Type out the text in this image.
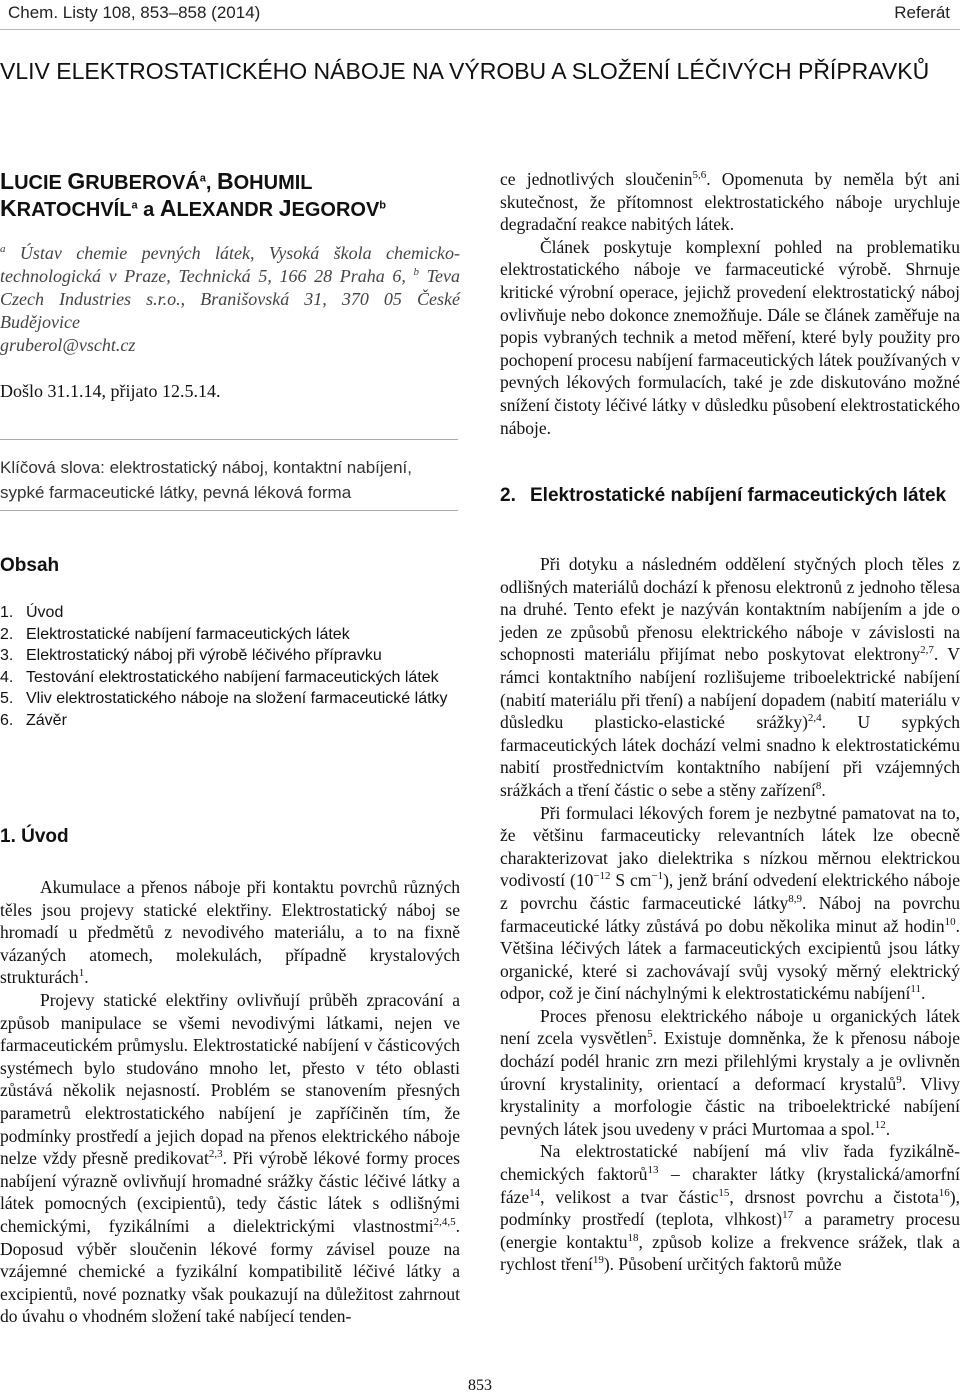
Chem. Listy 108, 853–858 (2014)	Referát
VLIV ELEKTROSTATICKÉHO NÁBOJE NA VÝROBU A SLOŽENÍ LÉČIVÝCH PŘÍPRAVKŮ
LUCIE GRUBEROVÁ$^a$, BOHUMIL
KRATOCHVÍL$^a$ a ALEXANDR JEGOROV$^b$
$^a$ Ústav chemie pevných látek, Vysoká škola chemicko-technologická v Praze, Technická 5, 166 28 Praha 6, $^b$ Teva Czech Industries s.r.o., Branišovská 31, 370 05 České Budějovice
gruberol@vscht.cz
Došlo 31.1.14, přijato 12.5.14.
Klíčová slova: elektrostatický náboj, kontaktní nabíjení, sypké farmaceutické látky, pevná léková forma
Obsah
1. Úvod
2. Elektrostatické nabíjení farmaceutických látek
3. Elektrostatický náboj při výrobě léčivého přípravku
4. Testování elektrostatického nabíjení farmaceutických látek
5. Vliv elektrostatického náboje na složení farmaceutické látky
6. Závěr
1. Úvod

Akumulace a přenos náboje při kontaktu povrchů různých těles jsou projevy statické elektřiny. Elektrostatický náboj se hromadí u předmětů z nevodivého materiálu, a to na fixně vázaných atomech, molekulách, případně krystalových strukturách$^1$.

Projevy statické elektřiny ovlivňují průběh zpracování a způsob manipulace se všemi nevodivými látkami, nejen ve farmaceutickém průmyslu. Elektrostatické nabíjení v částicových systémech bylo studováno mnoho let, přesto v této oblasti zůstává několik nejasností. Problém se stanovením přesných parametrů elektrostatického nabíjení je zapříčiněn tím, že podmínky prostředí a jejich dopad na přenos elektrického náboje nelze vždy přesně predikovat$^{2,3}$. Při výrobě lékové formy proces nabíjení výrazně ovlivňují hromadné srážky částic léčivé látky a látek pomocných (excipientů), tedy částic látek s odlišnými chemickými, fyzikálními a dielektrickými vlastnostmi$^{2,4,5}$. Doposud výběr sloučenin lékové formy závisel pouze na vzájemné chemické a fyzikální kompatibilitě léčivé látky a excipientů, nové poznatky však poukazují na důležitost zahrnout do úvahu o vhodném složení také nabíjecí tenden-

ce jednotlivých sloučenin$^{5,6}$. Opomenuta by neměla být ani skutečnost, že přítomnost elektrostatického náboje urychluje degradační reakce nabitých látek.

Článek poskytuje komplexní pohled na problematiku elektrostatického náboje ve farmaceutické výrobě. Shrnuje kritické výrobní operace, jejichž provedení elektrostatický náboj ovlivňuje nebo dokonce znemožňuje. Dále se článek zaměřuje na popis vybraných technik a metod měření, které byly použity pro pochopení procesu nabíjení farmaceutických látek používaných v pevných lékových formulacích, také je zde diskutováno možné snížení čistoty léčivé látky v důsledku působení elektrostatického náboje.

2. Elektrostatické nabíjení farmaceutických látek

Při dotyku a následném oddělení styčných ploch těles z odlišných materiálů dochází k přenosu elektronů z jednoho tělesa na druhé. Tento efekt je nazýván kontaktním nabíjením a jde o jeden ze způsobů přenosu elektrického náboje v závislosti na schopnosti materiálu přijímat nebo poskytovat elektrony$^{2,7}$. V rámci kontaktního nabíjení rozlišujeme triboelektrické nabíjení (nabití materiálu při tření) a nabíjení dopadem (nabití materiálu v důsledku plasticko-elastické srážky)$^{2,4}$. U sypkých farmaceutických látek dochází velmi snadno k elektrostatickému nabití prostřednictvím kontaktního nabíjení při vzájemných srážkách a tření částic o sebe a stěny zařízení$^8$.

Při formulaci lékových forem je nezbytné pamatovat na to, že většinu farmaceuticky relevantních látek lze obecně charakterizovat jako dielektrika s nízkou měrnou elektrickou vodivostí ($10^{-12}$ S $cm^{-1}$), jenž brání odvedení elektrického náboje z povrchu částic farmaceutické látky$^{8,9}$. Náboj na povrchu farmaceutické látky zůstává po dobu několika minut až hodin$^{10}$. Většina léčivých látek a farmaceutických excipientů jsou látky organické, které si zachovávají svůj vysoký měrný elektrický odpor, což je činí náchylnými k elektrostatickému nabíjení$^{11}$.

Proces přenosu elektrického náboje u organických látek není zcela vysvětlen$^5$. Existuje domněnka, že k přenosu náboje dochází podél hranic zrn mezi přilehlými krystaly a je ovlivněn úrovní krystalinity, orientací a deformací krystalů$^9$. Vlivy krystalinity a morfologie částic na triboelektrické nabíjení pevných látek jsou uvedeny v práci Murtomaa a spol.$^{12}$.

Na elektrostatické nabíjení má vliv řada fyzikálně-chemických faktorů$^{13}$ – charakter látky (krystalická/amorfní fáze$^{14}$, velikost a tvar částic$^{15}$, drsnost povrchu a čistota$^{16}$), podmínky prostředí (teplota, vlhkost)$^{17}$ a parametry procesu (energie kontaktu$^{18}$, způsob kolize a frekvence srážek, tlak a rychlost tření$^{19}$). Působení určitých faktorů může

853
